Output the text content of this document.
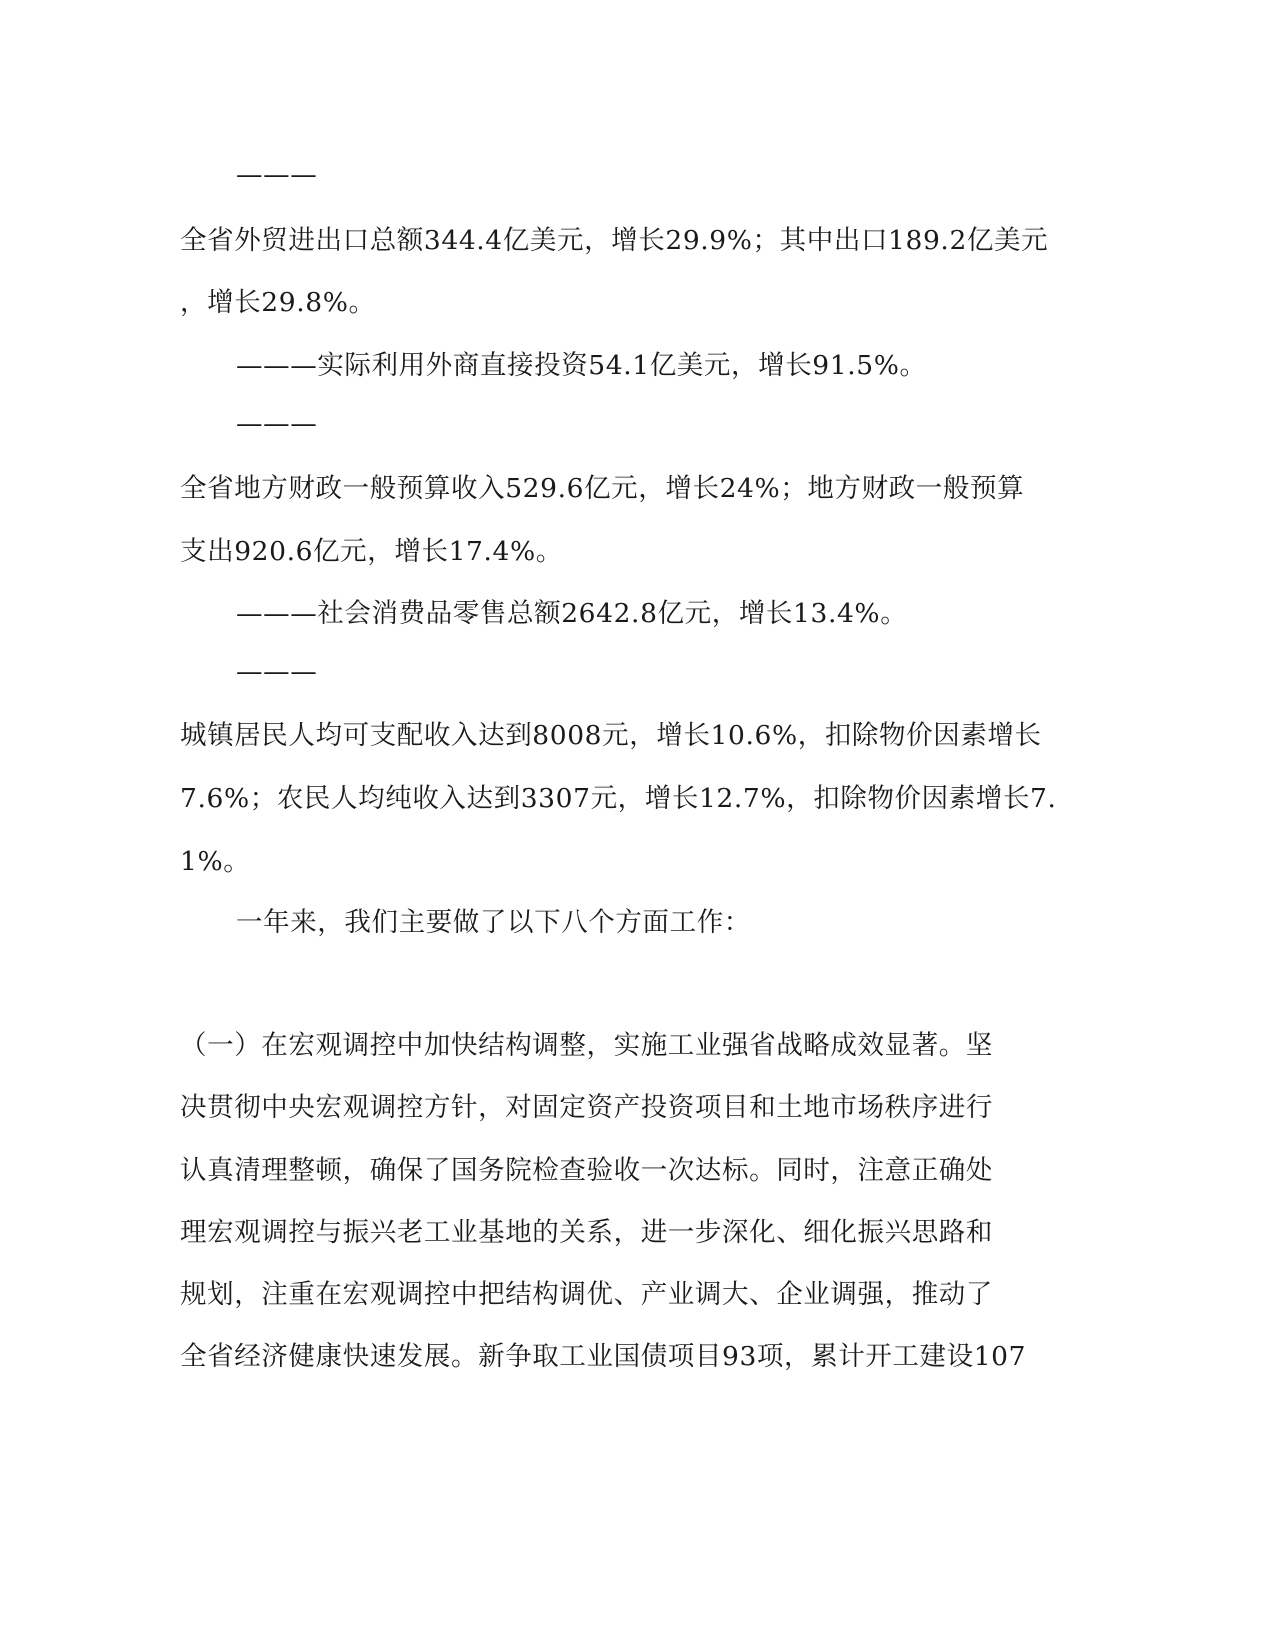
———
全省外贸进出口总额344.4亿美元，增长29.9%；其中出口189.2亿美元
，增长29.8%。
———实际利用外商直接投资54.1亿美元，增长91.5%。
———
全省地方财政一般预算收入529.6亿元，增长24%；地方财政一般预算
支出920.6亿元，增长17.4%。
———社会消费品零售总额2642.8亿元，增长13.4%。
———
城镇居民人均可支配收入达到8008元，增长10.6%，扣除物价因素增长
7.6%；农民人均纯收入达到3307元，增长12.7%，扣除物价因素增长7.
1%。
一年来，我们主要做了以下八个方面工作：
（一）在宏观调控中加快结构调整，实施工业强省战略成效显著。坚
决贯彻中央宏观调控方针，对固定资产投资项目和土地市场秩序进行
认真清理整顿，确保了国务院检查验收一次达标。同时，注意正确处
理宏观调控与振兴老工业基地的关系，进一步深化、细化振兴思路和
规划，注重在宏观调控中把结构调优、产业调大、企业调强，推动了
全省经济健康快速发展。新争取工业国债项目93项，累计开工建设107
